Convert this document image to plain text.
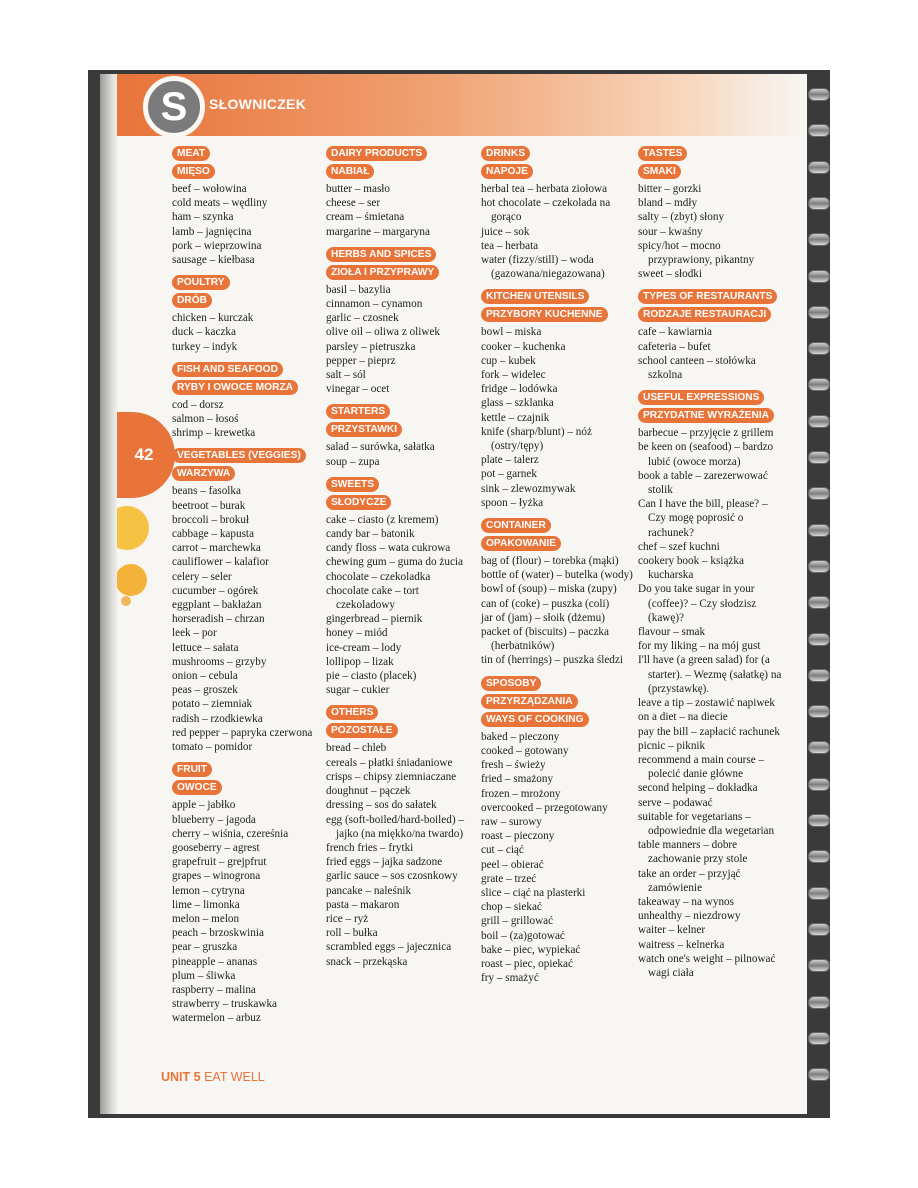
S	SŁOWNICZEK
42
MEAT
MIĘSO
beef – wołowina
cold meats – wędliny
ham – szynka
lamb – jagnięcina
pork – wieprzowina
sausage – kiełbasa
POULTRY
DRÓB
chicken – kurczak
duck – kaczka
turkey – indyk
FISH AND SEAFOOD
RYBY I OWOCE MORZA
cod – dorsz
salmon – łosoś
shrimp – krewetka
VEGETABLES (VEGGIES)
WARZYWA
beans – fasolka
beetroot – burak
broccoli – brokuł
cabbage – kapusta
carrot – marchewka
cauliflower – kalafior
celery – seler
cucumber – ogórek
eggplant – bakłażan
horseradish – chrzan
leek – por
lettuce – sałata
mushrooms – grzyby
onion – cebula
peas – groszek
potato – ziemniak
radish – rzodkiewka
red pepper – papryka czerwona
tomato – pomidor
FRUIT
OWOCE
apple – jabłko
blueberry – jagoda
cherry – wiśnia, czereśnia
gooseberry – agrest
grapefruit – grejpfrut
grapes – winogrona
lemon – cytryna
lime – limonka
melon – melon
peach – brzoskwinia
pear – gruszka
pineapple – ananas
plum – śliwka
raspberry – malina
strawberry – truskawka
watermelon – arbuz
DAIRY PRODUCTS
NABIAŁ
butter – masło
cheese – ser
cream – śmietana
margarine – margaryna
HERBS AND SPICES
ZIOŁA I PRZYPRAWY
basil – bazylia
cinnamon – cynamon
garlic – czosnek
olive oil – oliwa z oliwek
parsley – pietruszka
pepper – pieprz
salt – sól
vinegar – ocet
STARTERS
PRZYSTAWKI
salad – surówka, sałatka
soup – zupa
SWEETS
SŁODYCZE
cake – ciasto (z kremem)
candy bar – batonik
candy floss – wata cukrowa
chewing gum – guma do żucia
chocolate – czekoladka
chocolate cake – tort czekoladowy
gingerbread – piernik
honey – miód
ice-cream – lody
lollipop – lizak
pie – ciasto (placek)
sugar – cukier
OTHERS
POZOSTAŁE
bread – chleb
cereals – płatki śniadaniowe
crisps – chipsy ziemniaczane
doughnut – pączek
dressing – sos do sałatek
egg (soft-boiled/hard-boiled) – jajko (na miękko/na twardo)
french fries – frytki
fried eggs – jajka sadzone
garlic sauce – sos czosnkowy
pancake – naleśnik
pasta – makaron
rice – ryż
roll – bułka
scrambled eggs – jajecznica
snack – przekąska
DRINKS
NAPOJE
herbal tea – herbata ziołowa
hot chocolate – czekolada na gorąco
juice – sok
tea – herbata
water (fizzy/still) – woda (gazowana/niegazowana)
KITCHEN UTENSILS
PRZYBORY KUCHENNE
bowl – miska
cooker – kuchenka
cup – kubek
fork – widelec
fridge – lodówka
glass – szklanka
kettle – czajnik
knife (sharp/blunt) – nóż (ostry/tępy)
plate – talerz
pot – garnek
sink – zlewozmywak
spoon – łyżka
CONTAINER
OPAKOWANIE
bag of (flour) – torebka (mąki)
bottle of (water) – butelka (wody)
bowl of (soup) – miska (zupy)
can of (coke) – puszka (coli)
jar of (jam) – słoik (dżemu)
packet of (biscuits) – paczka (herbatników)
tin of (herrings) – puszka śledzi
SPOSOBY
PRZYRZĄDZANIA
WAYS OF COOKING
baked – pieczony
cooked – gotowany
fresh – świeży
fried – smażony
frozen – mrożony
overcooked – przegotowany
raw – surowy
roast – pieczony
cut – ciąć
peel – obierać
grate – trzeć
slice – ciąć na plasterki
chop – siekać
grill – grillować
boil – (za)gotować
bake – piec, wypiekać
roast – piec, opiekać
fry – smażyć
TASTES
SMAKI
bitter – gorzki
bland – mdły
salty – (zbyt) słony
sour – kwaśny
spicy/hot – mocno przyprawiony, pikantny
sweet – słodki
TYPES OF RESTAURANTS
RODZAJE RESTAURACJI
cafe – kawiarnia
cafeteria – bufet
school canteen – stołówka szkolna
USEFUL EXPRESSIONS
PRZYDATNE WYRAŻENIA
barbecue – przyjęcie z grillem
be keen on (seafood) – bardzo lubić (owoce morza)
book a table – zarezerwować stolik
Can I have the bill, please? – Czy mogę poprosić o rachunek?
chef – szef kuchni
cookery book – książka kucharska
Do you take sugar in your (coffee)? – Czy słodzisz (kawę)?
flavour – smak
for my liking – na mój gust
I'll have (a green salad) for (a starter). – Wezmę (sałatkę) na (przystawkę).
leave a tip – zostawić napiwek
on a diet – na diecie
pay the bill – zapłacić rachunek
picnic – piknik
recommend a main course – polecić danie główne
second helping – dokładka
serve – podawać
suitable for vegetarians – odpowiednie dla wegetarian
table manners – dobre zachowanie przy stole
take an order – przyjąć zamówienie
takeaway – na wynos
unhealthy – niezdrowy
waiter – kelner
waitress – kelnerka
watch one's weight – pilnować wagi ciała
UNIT 5 EAT WELL
